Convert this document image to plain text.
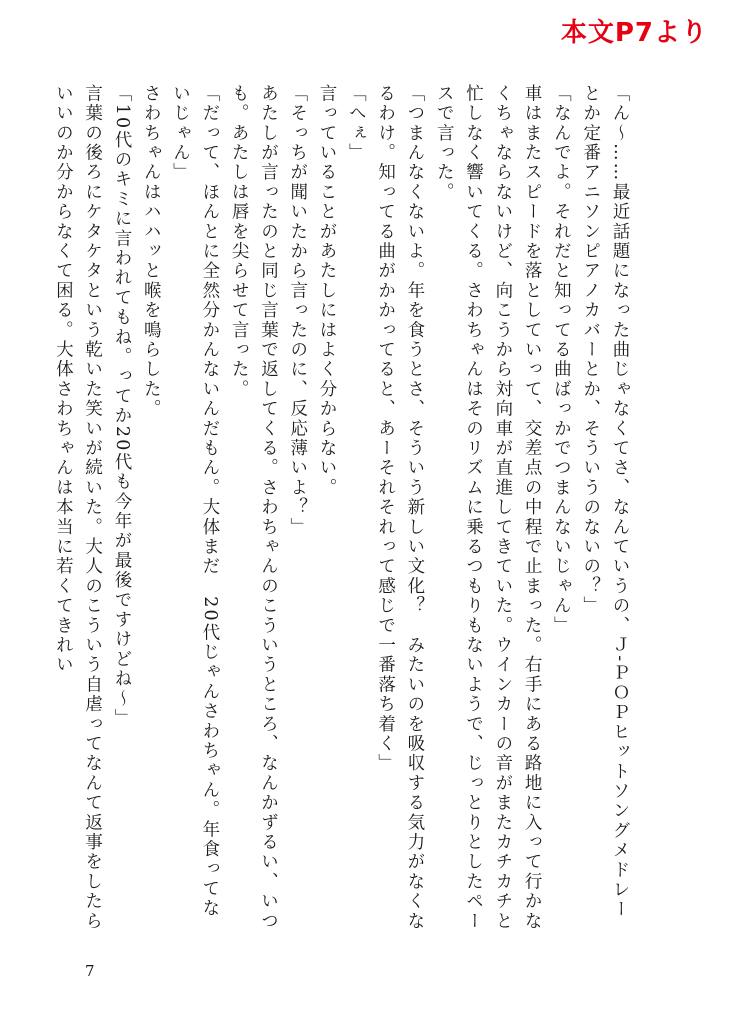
本文P7より

「ん〜……最近話題になった曲じゃなくてさ、なんていうの、Ｊ‐ＰＯＰヒットソングメドレーとか定番アニソンピアノカバーとか、そういうのないの？」

「なんでよ。それだと知ってる曲ばっかでつまんないじゃん」

車はまたスピードを落としていって、交差点の中程で止まった。右手にある路地に入って行かなくちゃならないけど、向こうから対向車が直進してきていた。ウインカーの音がまたカチカチと忙しなく響いてくる。さわちゃんはそのリズムに乗るつもりもないようで、じっとりとしたペースで言った。

「つまんなくないよ。年を食うとさ、そういう新しい文化？　みたいのを吸収する気力がなくなるわけ。知ってる曲がかかってると、あーそれそれって感じで一番落ち着く」

「へぇ」

言っていることがあたしにはよく分からない。

「そっちが聞いたから言ったのに、反応薄いよ？」

あたしが言ったのと同じ言葉で返してくる。さわちゃんのこういうところ、なんかずるい、いつも。あたしは唇を尖らせて言った。

「だって、ほんとに全然分かんないんだもん。大体まだ　20代じゃんさわちゃん。年食ってないじゃん」

さわちゃんはハハッと喉を鳴らした。

「10代のキミに言われてもね。ってか20代も今年が最後ですけどね〜」

言葉の後ろにケタケタという乾いた笑いが続いた。大人のこういう自虐ってなんて返事をしたらいいのか分からなくて困る。大体さわちゃんは本当に若くてきれい

7
